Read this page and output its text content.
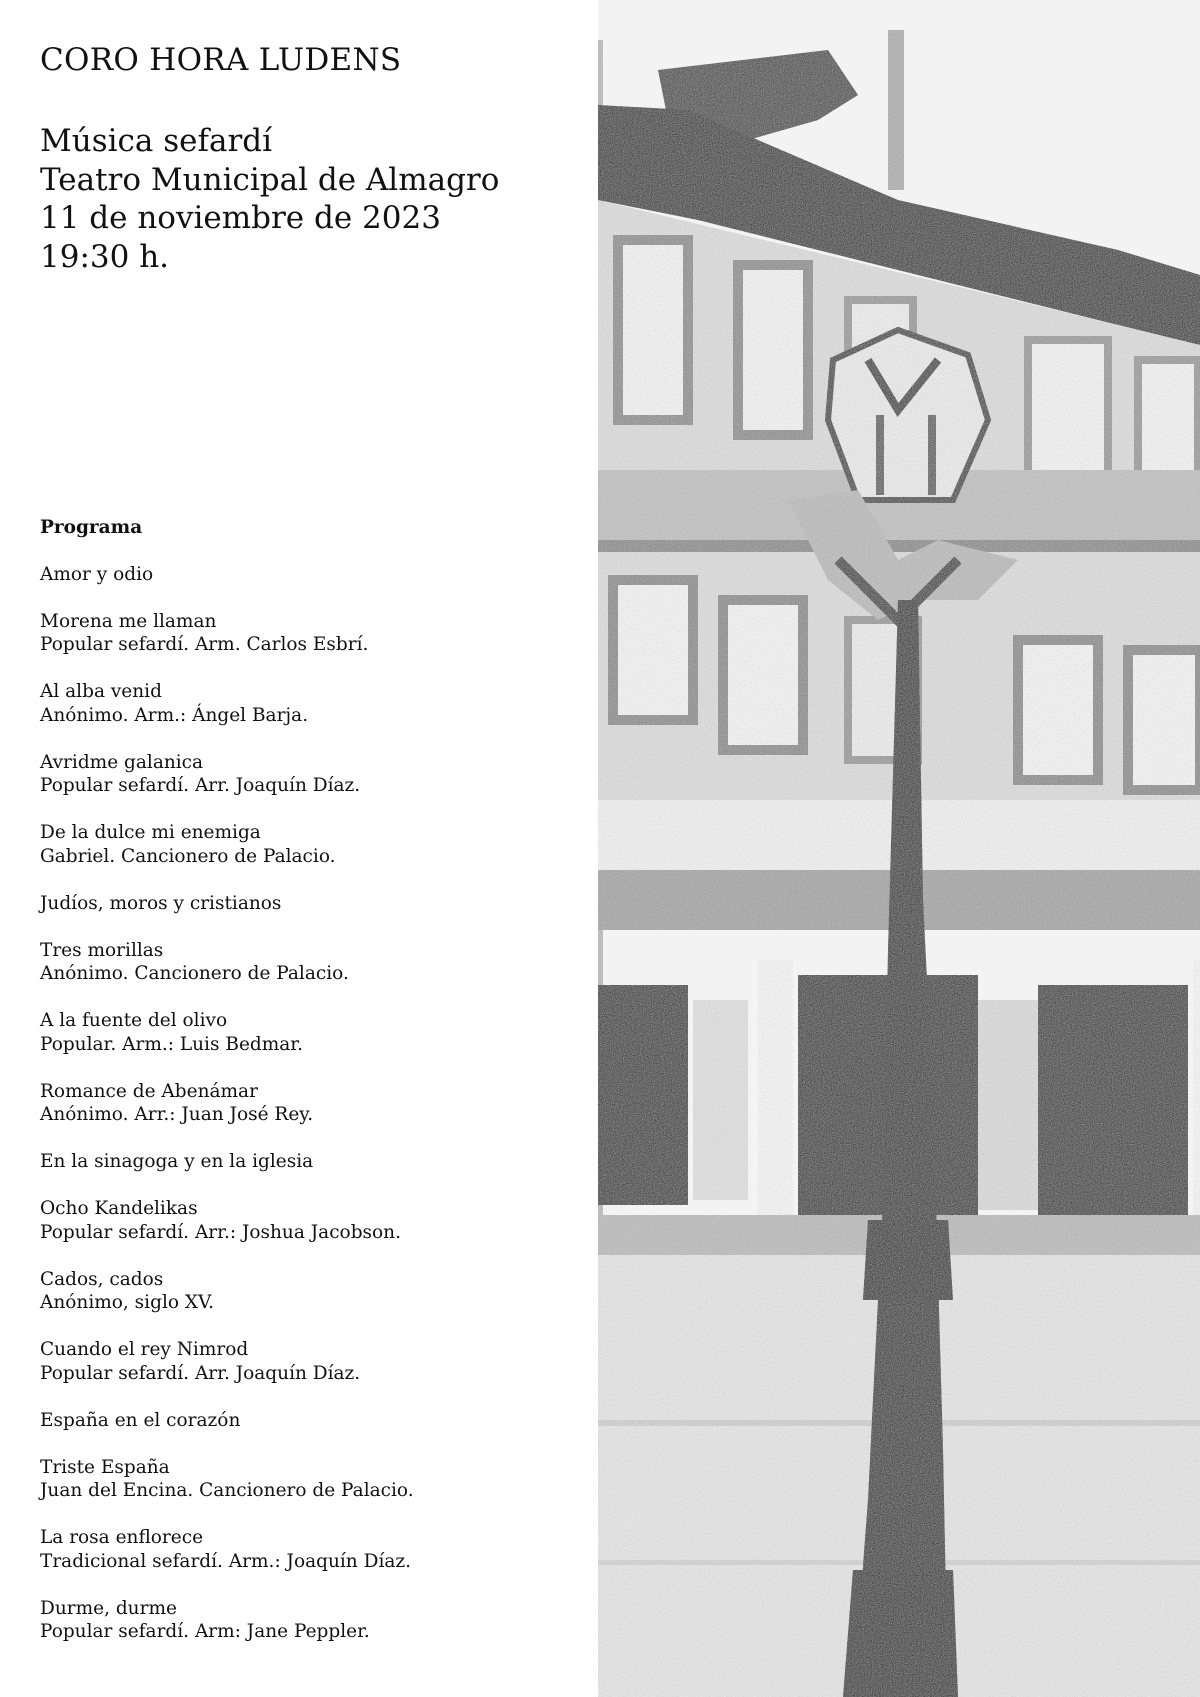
CORO HORA LUDENS
Música sefardí
Teatro Municipal de Almagro
11 de noviembre de 2023
19:30 h.
Programa
Amor y odio
Morena me llaman
Popular sefardí. Arm. Carlos Esbrí.
Al alba venid
Anónimo. Arm.: Ángel Barja.
Avridme galanica
Popular sefardí. Arr. Joaquín Díaz.
De la dulce mi enemiga
Gabriel. Cancionero de Palacio.
Judíos, moros y cristianos
Tres morillas
Anónimo. Cancionero de Palacio.
A la fuente del olivo
Popular. Arm.: Luis Bedmar.
Romance de Abenámar
Anónimo. Arr.: Juan José Rey.
En la sinagoga y en la iglesia
Ocho Kandelikas
Popular sefardí. Arr.: Joshua Jacobson.
Cados, cados
Anónimo, siglo XV.
Cuando el rey Nimrod
Popular sefardí. Arr. Joaquín Díaz.
España en el corazón
Triste España
Juan del Encina. Cancionero de Palacio.
La rosa enflorece
Tradicional sefardí. Arm.: Joaquín Díaz.
Durme, durme
Popular sefardí. Arm: Jane Peppler.
